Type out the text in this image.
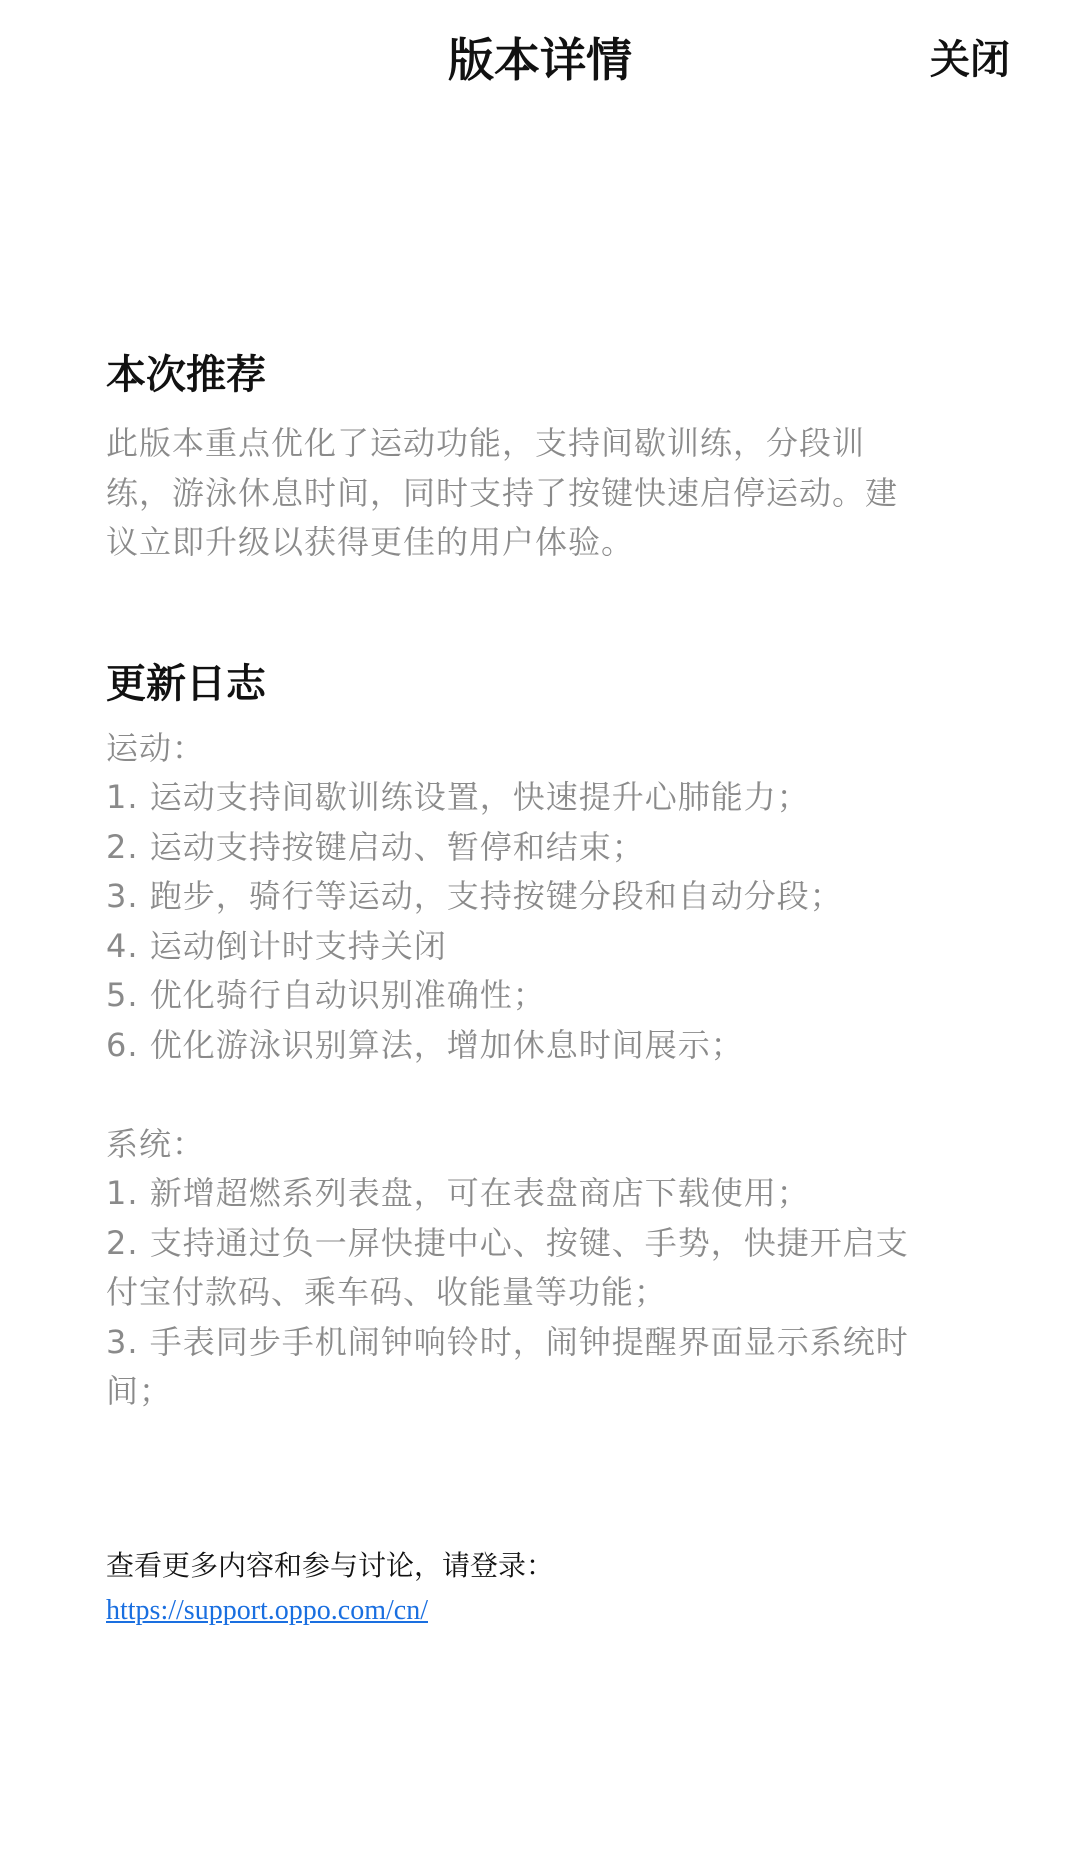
版本详情	关闭
本次推荐

此版本重点优化了运动功能，支持间歇训练，分段训
练，游泳休息时间，同时支持了按键快速启停运动。建
议立即升级以获得更佳的用户体验。

更新日志
运动：
1. 运动支持间歇训练设置，快速提升心肺能力；
2. 运动支持按键启动、暂停和结束；
3. 跑步，骑行等运动，支持按键分段和自动分段；
4. 运动倒计时支持关闭
5. 优化骑行自动识别准确性；
6. 优化游泳识别算法，增加休息时间展示；
系统：
1. 新增超燃系列表盘，可在表盘商店下载使用；
2. 支持通过负一屏快捷中心、按键、手势，快捷开启支
付宝付款码、乘车码、收能量等功能；
3. 手表同步手机闹钟响铃时，闹钟提醒界面显示系统时
间；
查看更多内容和参与讨论，请登录：
https://support.oppo.com/cn/
